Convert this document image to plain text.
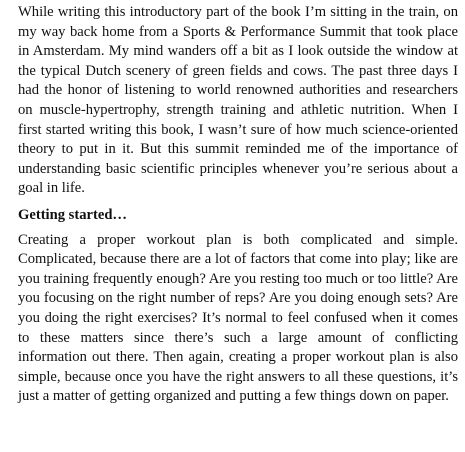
While writing this introductory part of the book I’m sitting in the train, on my way back home from a Sports & Performance Summit that took place in Amsterdam. My mind wanders off a bit as I look outside the window at the typical Dutch scenery of green fields and cows. The past three days I had the honor of listening to world renowned authorities and researchers on muscle-hypertrophy, strength training and athletic nutrition. When I first started writing this book, I wasn’t sure of how much science-oriented theory to put in it. But this summit reminded me of the importance of understanding basic scientific principles whenever you’re serious about a goal in life.

Getting started…

Creating a proper workout plan is both complicated and simple. Complicated, because there are a lot of factors that come into play; like are you training frequently enough? Are you resting too much or too little? Are you focusing on the right number of reps? Are you doing enough sets? Are you doing the right exercises? It’s normal to feel confused when it comes to these matters since there’s such a large amount of conflicting information out there. Then again, creating a proper workout plan is also simple, because once you have the right answers to all these questions, it’s just a matter of getting organized and putting a few things down on paper.
